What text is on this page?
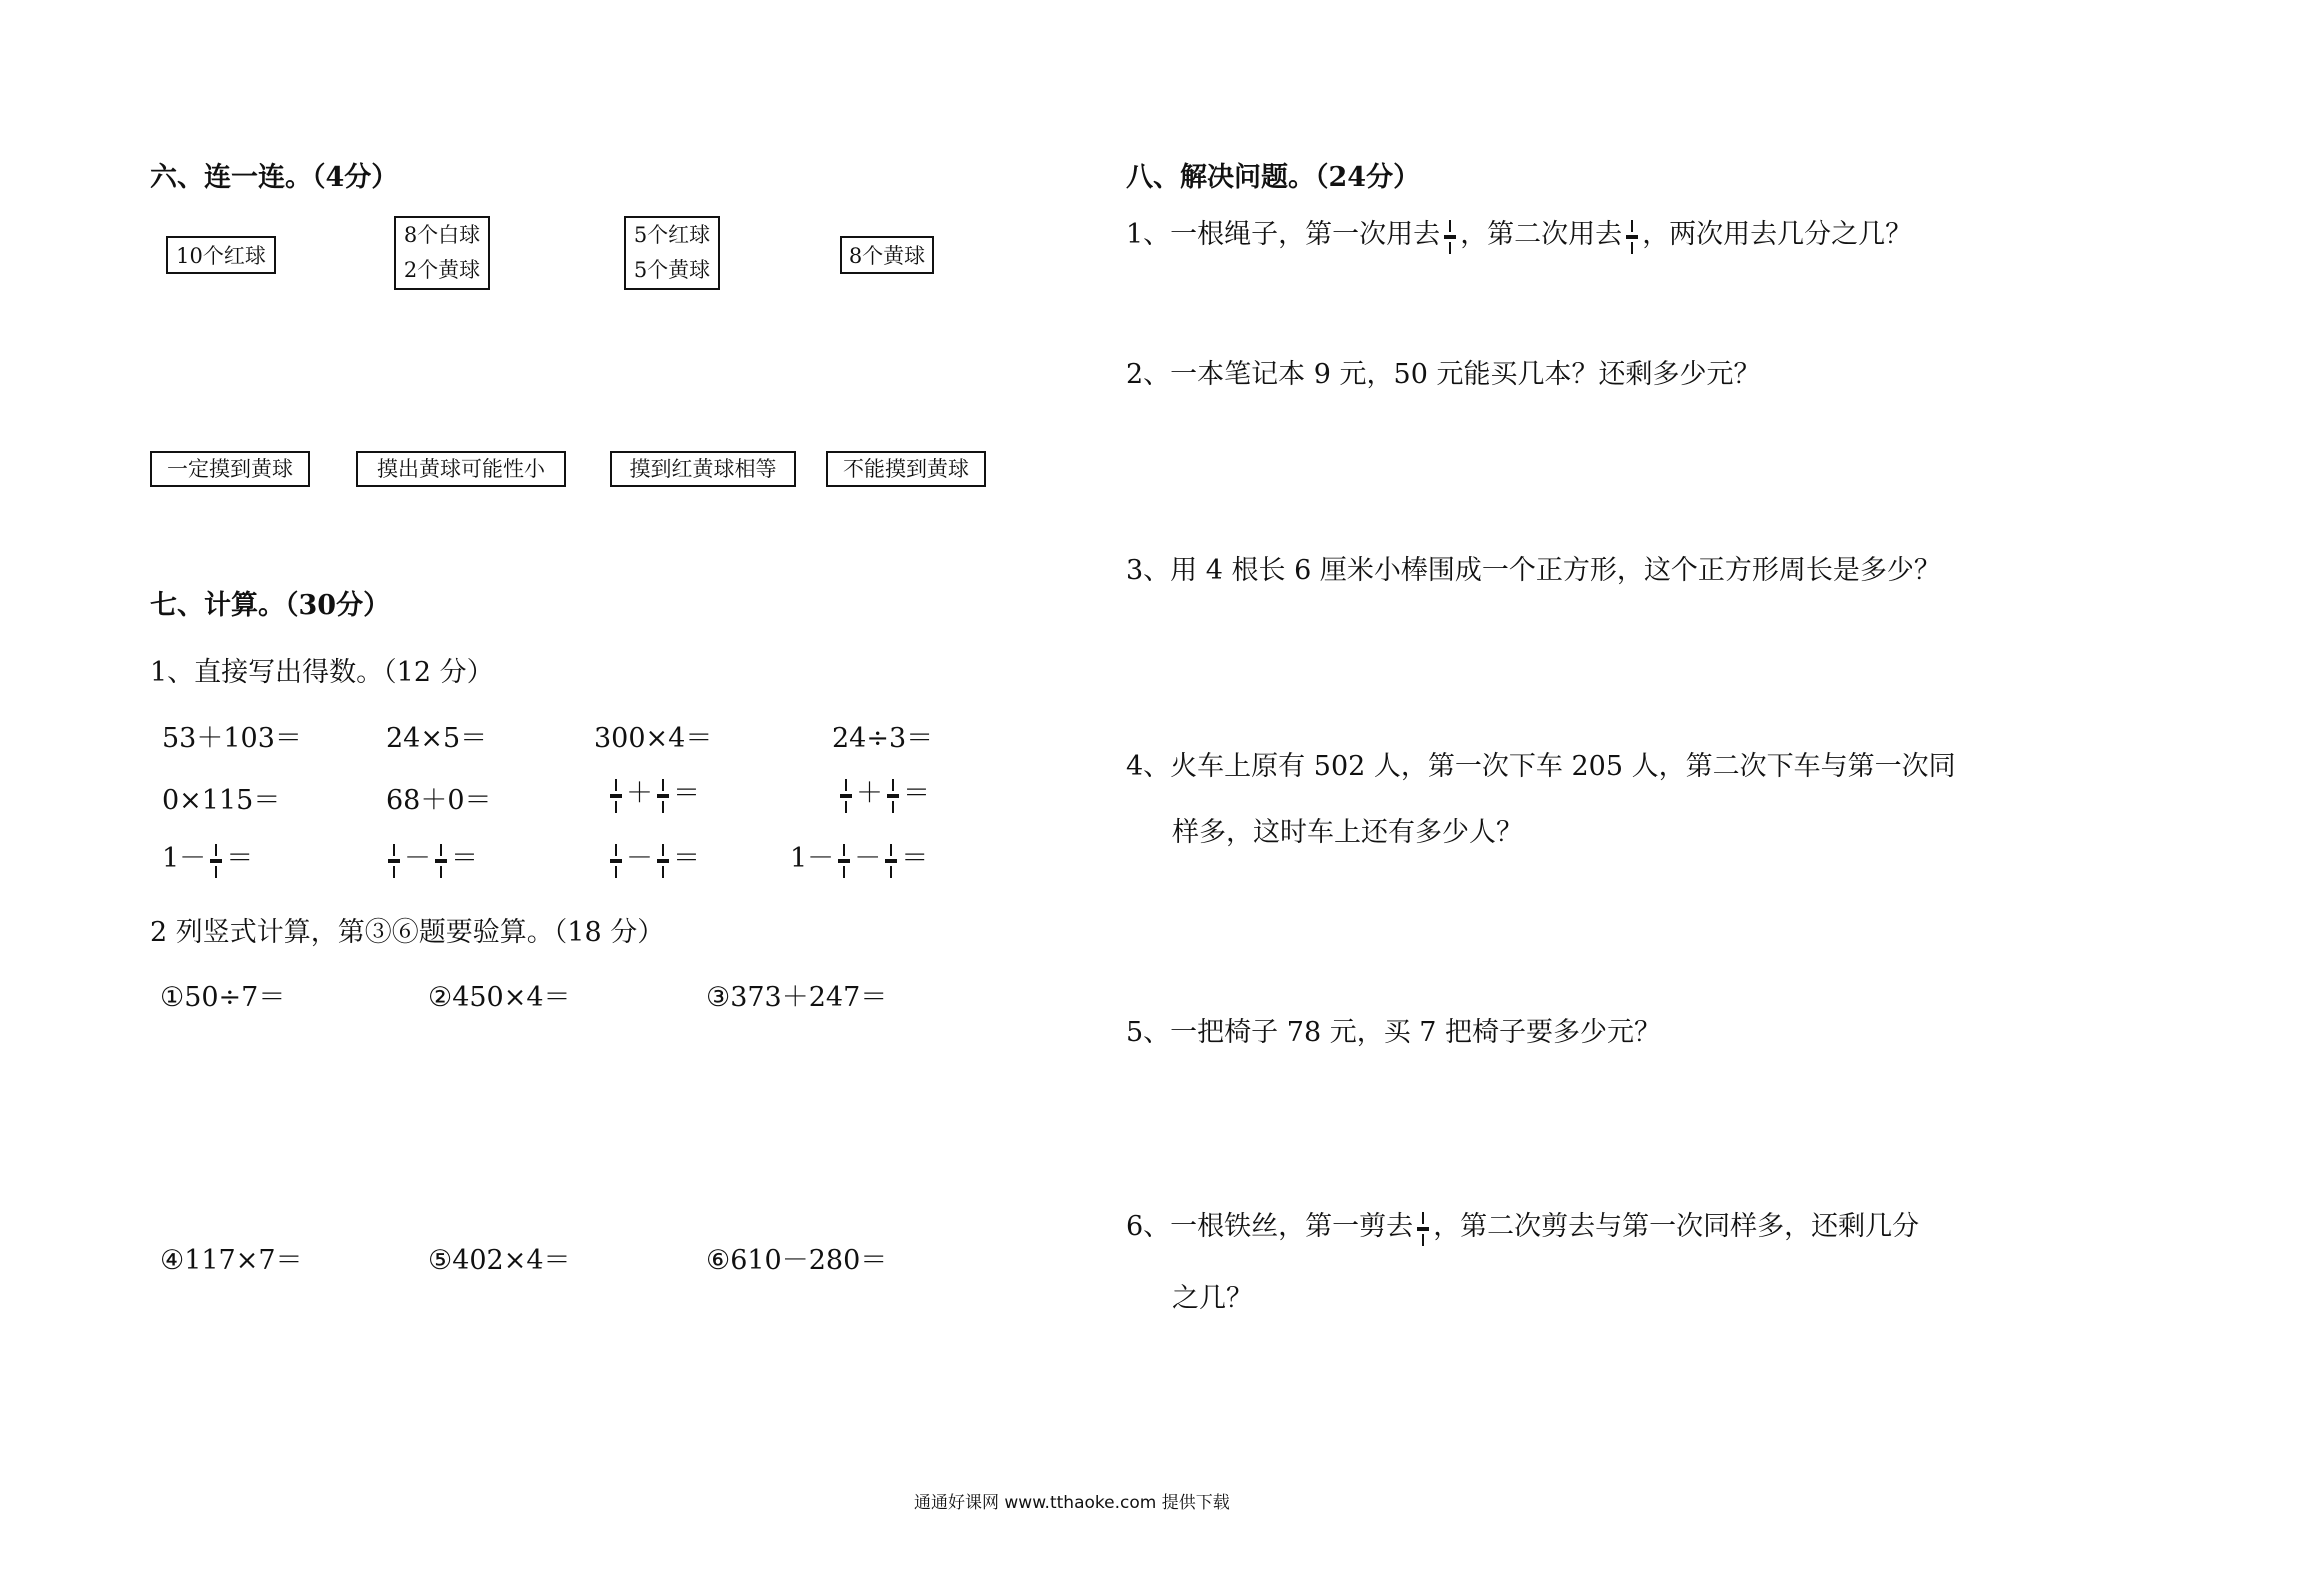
六、连一连。（4分）
10个红球
8个白球
2个黄球
5个红球
5个黄球
8个黄球
一定摸到黄球	摸出黄球可能性小	摸到红黄球相等	不能摸到黄球
七、计算。（30分）
1、直接写出得数。（12 分）
53＋103＝	24×5＝	300×4＝	24÷3＝
0×115＝	68＋0＝	＋ ＝	＋ ＝
1－ ＝	－ ＝	－ ＝	1－ － ＝
2 列竖式计算，第③⑥题要验算。（18 分）
①50÷7＝	②450×4＝	③373＋247＝
④117×7＝	⑤402×4＝	⑥610－280＝
八、解决问题。（24分）
1、一根绳子，第一次用去 ，第二次用去 ，两次用去几分之几？
2、一本笔记本 9 元，50 元能买几本？还剩多少元？
3、用 4 根长 6 厘米小棒围成一个正方形，这个正方形周长是多少？
4、火车上原有 502 人，第一次下车 205 人，第二次下车与第一次同
样多，这时车上还有多少人？
5、一把椅子 78 元，买 7 把椅子要多少元？
6、一根铁丝，第一剪去 ，第二次剪去与第一次同样多，还剩几分
之几？
通通好课网 www.tthaoke.com 提供下载
